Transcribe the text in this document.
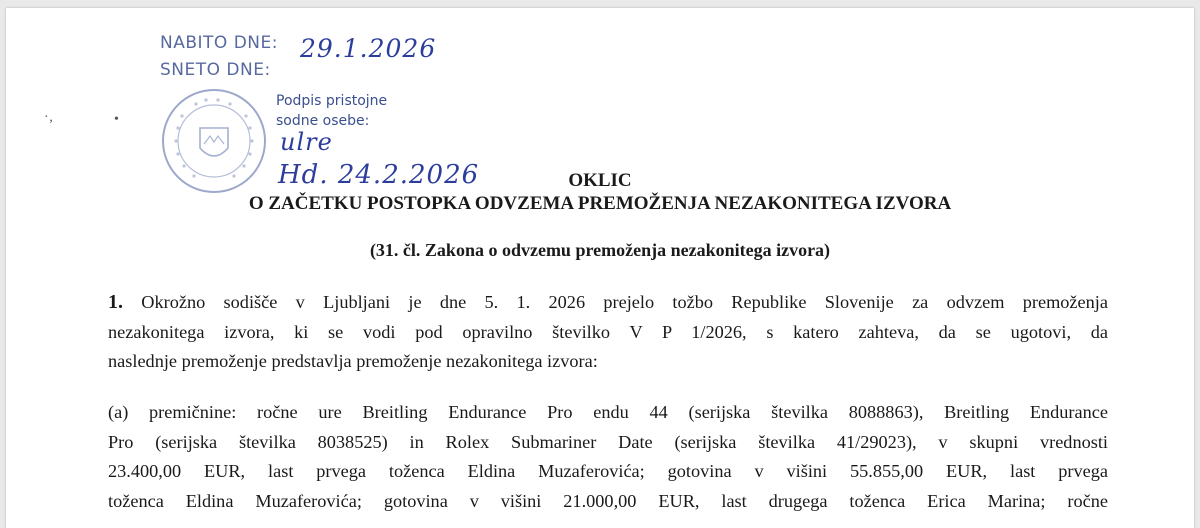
NABITO DNE: 29.1.2026
SNETO DNE:
·‚	•
Podpis pristojne
sodne osebe:
ulre
Hd. 24.2.2026	OKLIC
O ZAČETKU POSTOPKA ODVZEMA PREMOŽENJA NEZAKONITEGA IZVORA
(31. čl. Zakona o odvzemu premoženja nezakonitega izvora)
1. Okrožno sodišče v Ljubljani je dne 5. 1. 2026 prejelo tožbo Republike Slovenije za odvzem premoženja
nezakonitega izvora, ki se vodi pod opravilno številko V P 1/2026, s katero zahteva, da se ugotovi, da
naslednje premoženje predstavlja premoženje nezakonitega izvora:
(a) premičnine: ročne ure Breitling Endurance Pro endu 44 (serijska številka 8088863), Breitling Endurance
Pro (serijska številka 8038525) in Rolex Submariner Date (serijska številka 41/29023), v skupni vrednosti
23.400,00 EUR, last prvega toženca Eldina Muzaferovića; gotovina v višini 55.855,00 EUR, last prvega
toženca Eldina Muzaferovića; gotovina v višini 21.000,00 EUR, last drugega toženca Erica Marina; ročne
